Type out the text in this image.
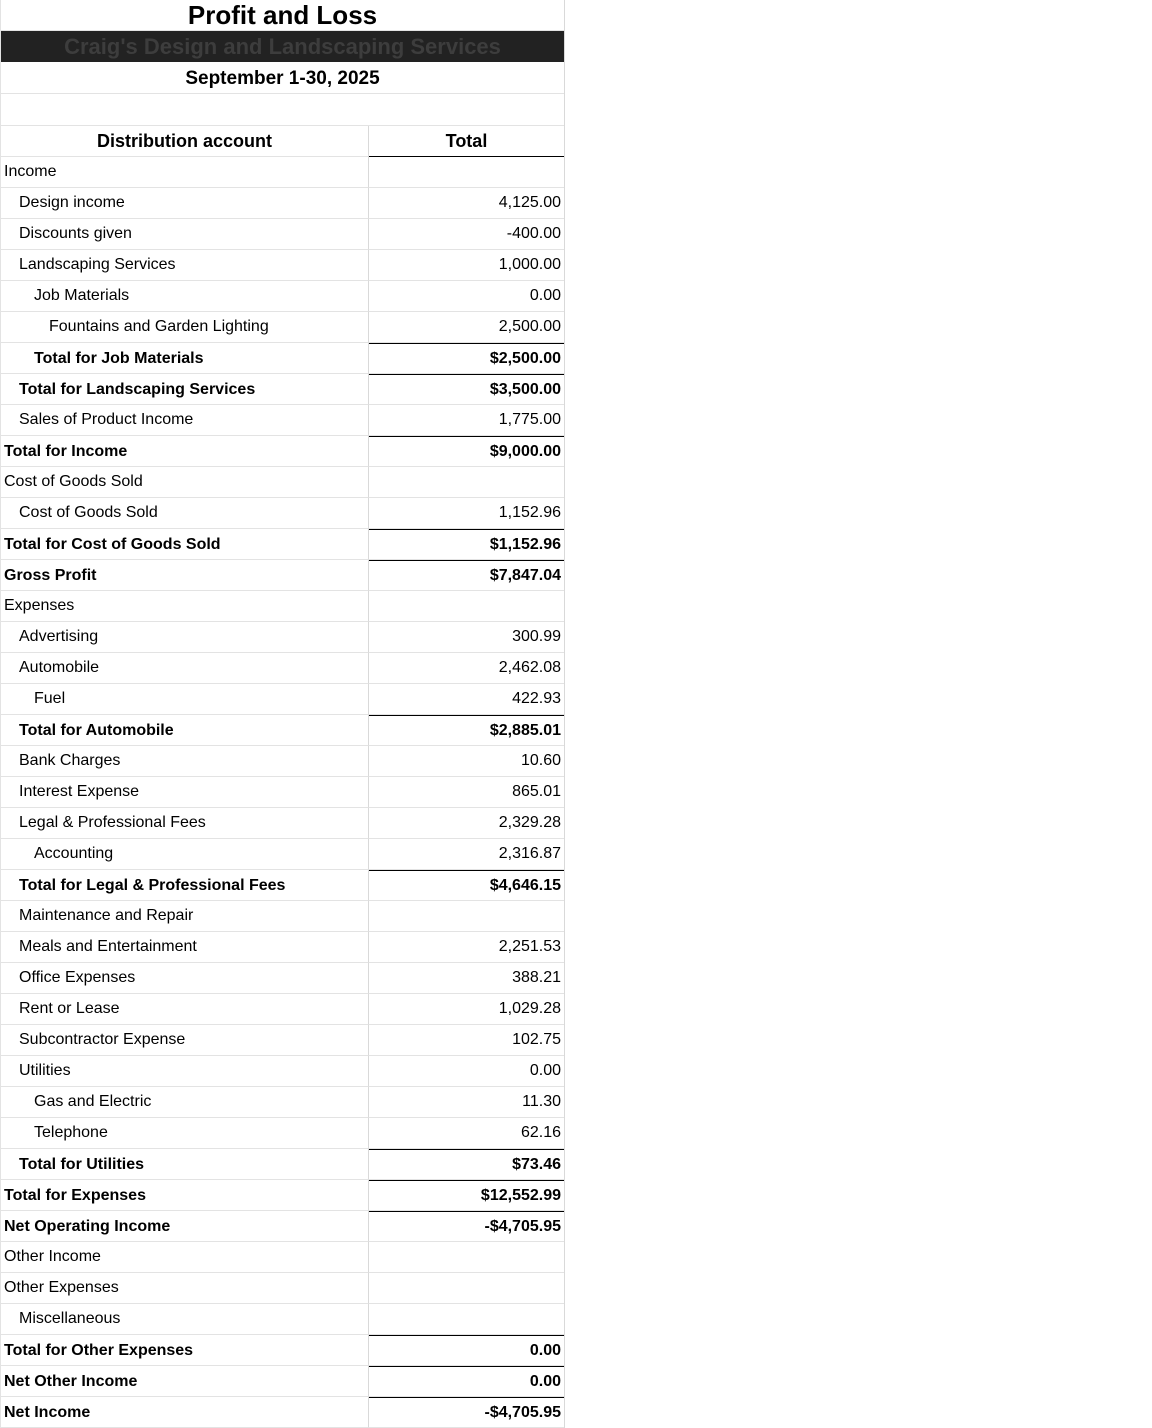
Profit and Loss
Craig's Design and Landscaping Services
September 1-30, 2025
Distribution account	Total
Income
Design income	4,125.00
Discounts given	-400.00
Landscaping Services	1,000.00
Job Materials	0.00
Fountains and Garden Lighting	2,500.00
Total for Job Materials	$2,500.00
Total for Landscaping Services	$3,500.00
Sales of Product Income	1,775.00
Total for Income	$9,000.00
Cost of Goods Sold
Cost of Goods Sold	1,152.96
Total for Cost of Goods Sold	$1,152.96
Gross Profit	$7,847.04
Expenses
Advertising	300.99
Automobile	2,462.08
Fuel	422.93
Total for Automobile	$2,885.01
Bank Charges	10.60
Interest Expense	865.01
Legal & Professional Fees	2,329.28
Accounting	2,316.87
Total for Legal & Professional Fees	$4,646.15
Maintenance and Repair
Meals and Entertainment	2,251.53
Office Expenses	388.21
Rent or Lease	1,029.28
Subcontractor Expense	102.75
Utilities	0.00
Gas and Electric	11.30
Telephone	62.16
Total for Utilities	$73.46
Total for Expenses	$12,552.99
Net Operating Income	-$4,705.95
Other Income
Other Expenses
Miscellaneous
Total for Other Expenses	0.00
Net Other Income	0.00
Net Income	-$4,705.95
